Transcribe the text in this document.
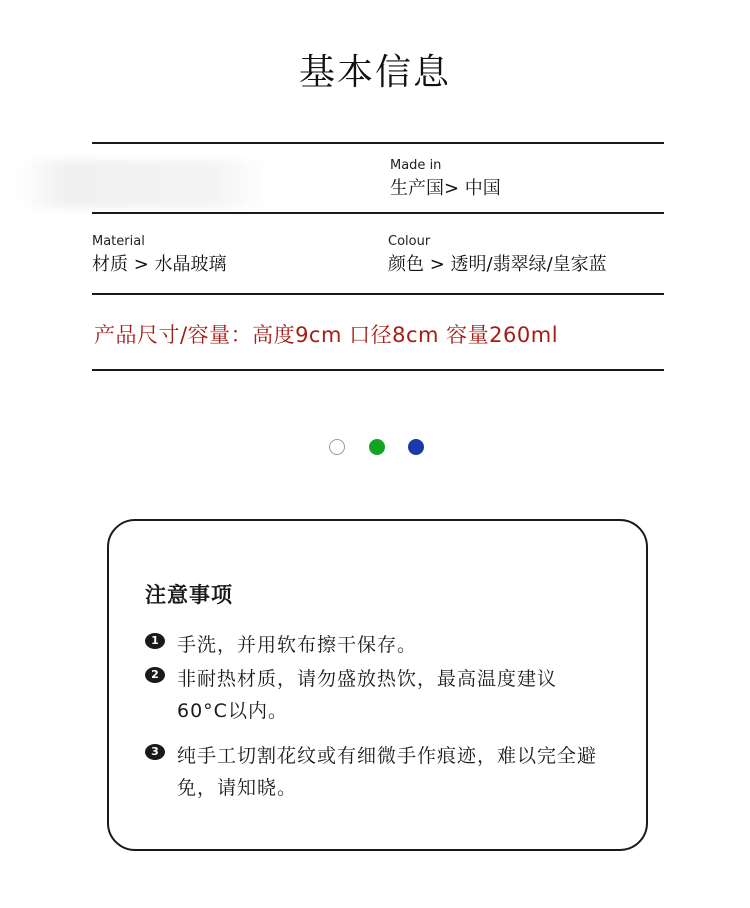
基本信息
Made in
生产国> 中国
Material
材质 > 水晶玻璃
Colour
颜色 > 透明/翡翠绿/皇家蓝
产品尺寸/容量：高度9cm 口径8cm 容量260ml
注意事项
1 手洗，并用软布擦干保存。
2 非耐热材质，请勿盛放热饮，最高温度建议60°C以内。
3 纯手工切割花纹或有细微手作痕迹，难以完全避免，请知晓。
